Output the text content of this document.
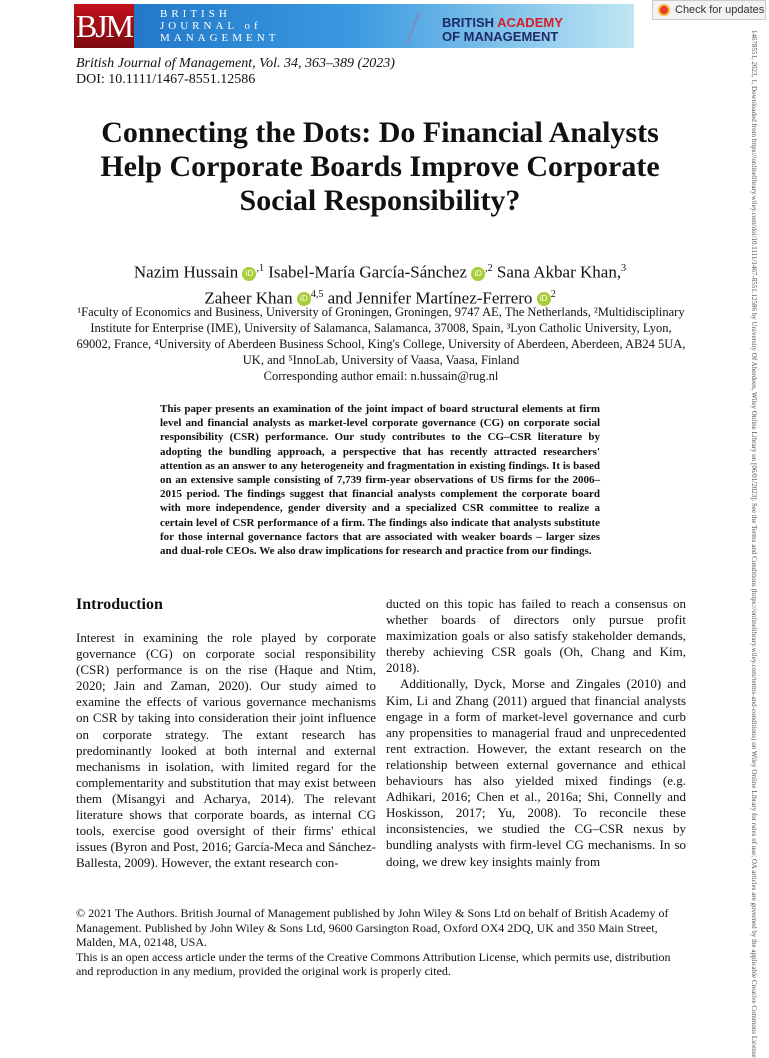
BJM	BRITISH
JOURNAL of
MANAGEMENT
BRITISH ACADEMY
OF MANAGEMENT
Check for updates
British Journal of Management, Vol. 34, 363–389 (2023)
DOI: 10.1111/1467-8551.12586
Connecting the Dots: Do Financial Analysts Help Corporate Boards Improve Corporate Social Responsibility?
Nazim Hussain iD $^{,1}$ Isabel-María García-Sánchez iD $^{,2}$ Sana Akbar Khan,$^3$
Zaheer Khan iD $^{4,5}$ and Jennifer Martínez-Ferrero iD $^2$
¹Faculty of Economics and Business, University of Groningen, Groningen, 9747 AE, The Netherlands, ²Multidisciplinary Institute for Enterprise (IME), University of Salamanca, Salamanca, 37008, Spain, ³Lyon Catholic University, Lyon, 69002, France, ⁴University of Aberdeen Business School, King's College, University of Aberdeen, Aberdeen, AB24 5UA, UK, and ⁵InnoLab, University of Vaasa, Vaasa, Finland
Corresponding author email: n.hussain@rug.nl
This paper presents an examination of the joint impact of board structural elements at firm level and financial analysts as market-level corporate governance (CG) on corporate social responsibility (CSR) performance. Our study contributes to the CG–CSR literature by adopting the bundling approach, a perspective that has recently attracted researchers' attention as an answer to any heterogeneity and fragmentation in existing findings. It is based on an extensive sample consisting of 7,739 firm-year observations of US firms for the 2006–2015 period. The findings suggest that financial analysts complement the corporate board with more independence, gender diversity and a specialized CSR committee to realize a certain level of CSR performance of a firm. The findings also indicate that analysts substitute for those internal governance factors that are associated with weaker boards – larger sizes and dual-role CEOs. We also draw implications for research and practice from our findings.
Introduction

Interest in examining the role played by corporate governance (CG) on corporate social responsibility (CSR) performance is on the rise (Haque and Ntim, 2020; Jain and Zaman, 2020). Our study aimed to examine the effects of various governance mechanisms on CSR by taking into consideration their joint influence on corporate strategy. The extant research has predominantly looked at both internal and external mechanisms in isolation, with limited regard for the complementarity and substitution that may exist between them (Misangyi and Acharya, 2014). The relevant literature shows that corporate boards, as internal CG tools, exercise good oversight of their firms' ethical issues (Byron and Post, 2016; García-Meca and Sánchez-Ballesta, 2009). However, the extant research con-

ducted on this topic has failed to reach a consensus on whether boards of directors only pursue profit maximization goals or also satisfy stakeholder demands, thereby achieving CSR goals (Oh, Chang and Kim, 2018).

Additionally, Dyck, Morse and Zingales (2010) and Kim, Li and Zhang (2011) argued that financial analysts engage in a form of market-level governance and curb any propensities to managerial fraud and unprecedented rent extraction. However, the extant research on the relationship between external governance and ethical behaviours has also yielded mixed findings (e.g. Adhikari, 2016; Chen et al., 2016a; Shi, Connelly and Hoskisson, 2017; Yu, 2008). To reconcile these inconsistencies, we studied the CG–CSR nexus by bundling analysts with firm-level CG mechanisms. In so doing, we drew key insights mainly from

© 2021 The Authors. British Journal of Management published by John Wiley & Sons Ltd on behalf of British Academy of Management. Published by John Wiley & Sons Ltd, 9600 Garsington Road, Oxford OX4 2DQ, UK and 350 Main Street, Malden, MA, 02148, USA.
This is an open access article under the terms of the Creative Commons Attribution License, which permits use, distribution and reproduction in any medium, provided the original work is properly cited.	14678551, 2023, 1, Downloaded from https://onlinelibrary.wiley.com/doi/10.1111/1467-8551.12586 by University Of Aberdeen, Wiley Online Library on [06/01/2023]. See the Terms and Conditions (https://onlinelibrary.wiley.com/terms-and-conditions) on Wiley Online Library for rules of use; OA articles are governed by the applicable Creative Commons License
